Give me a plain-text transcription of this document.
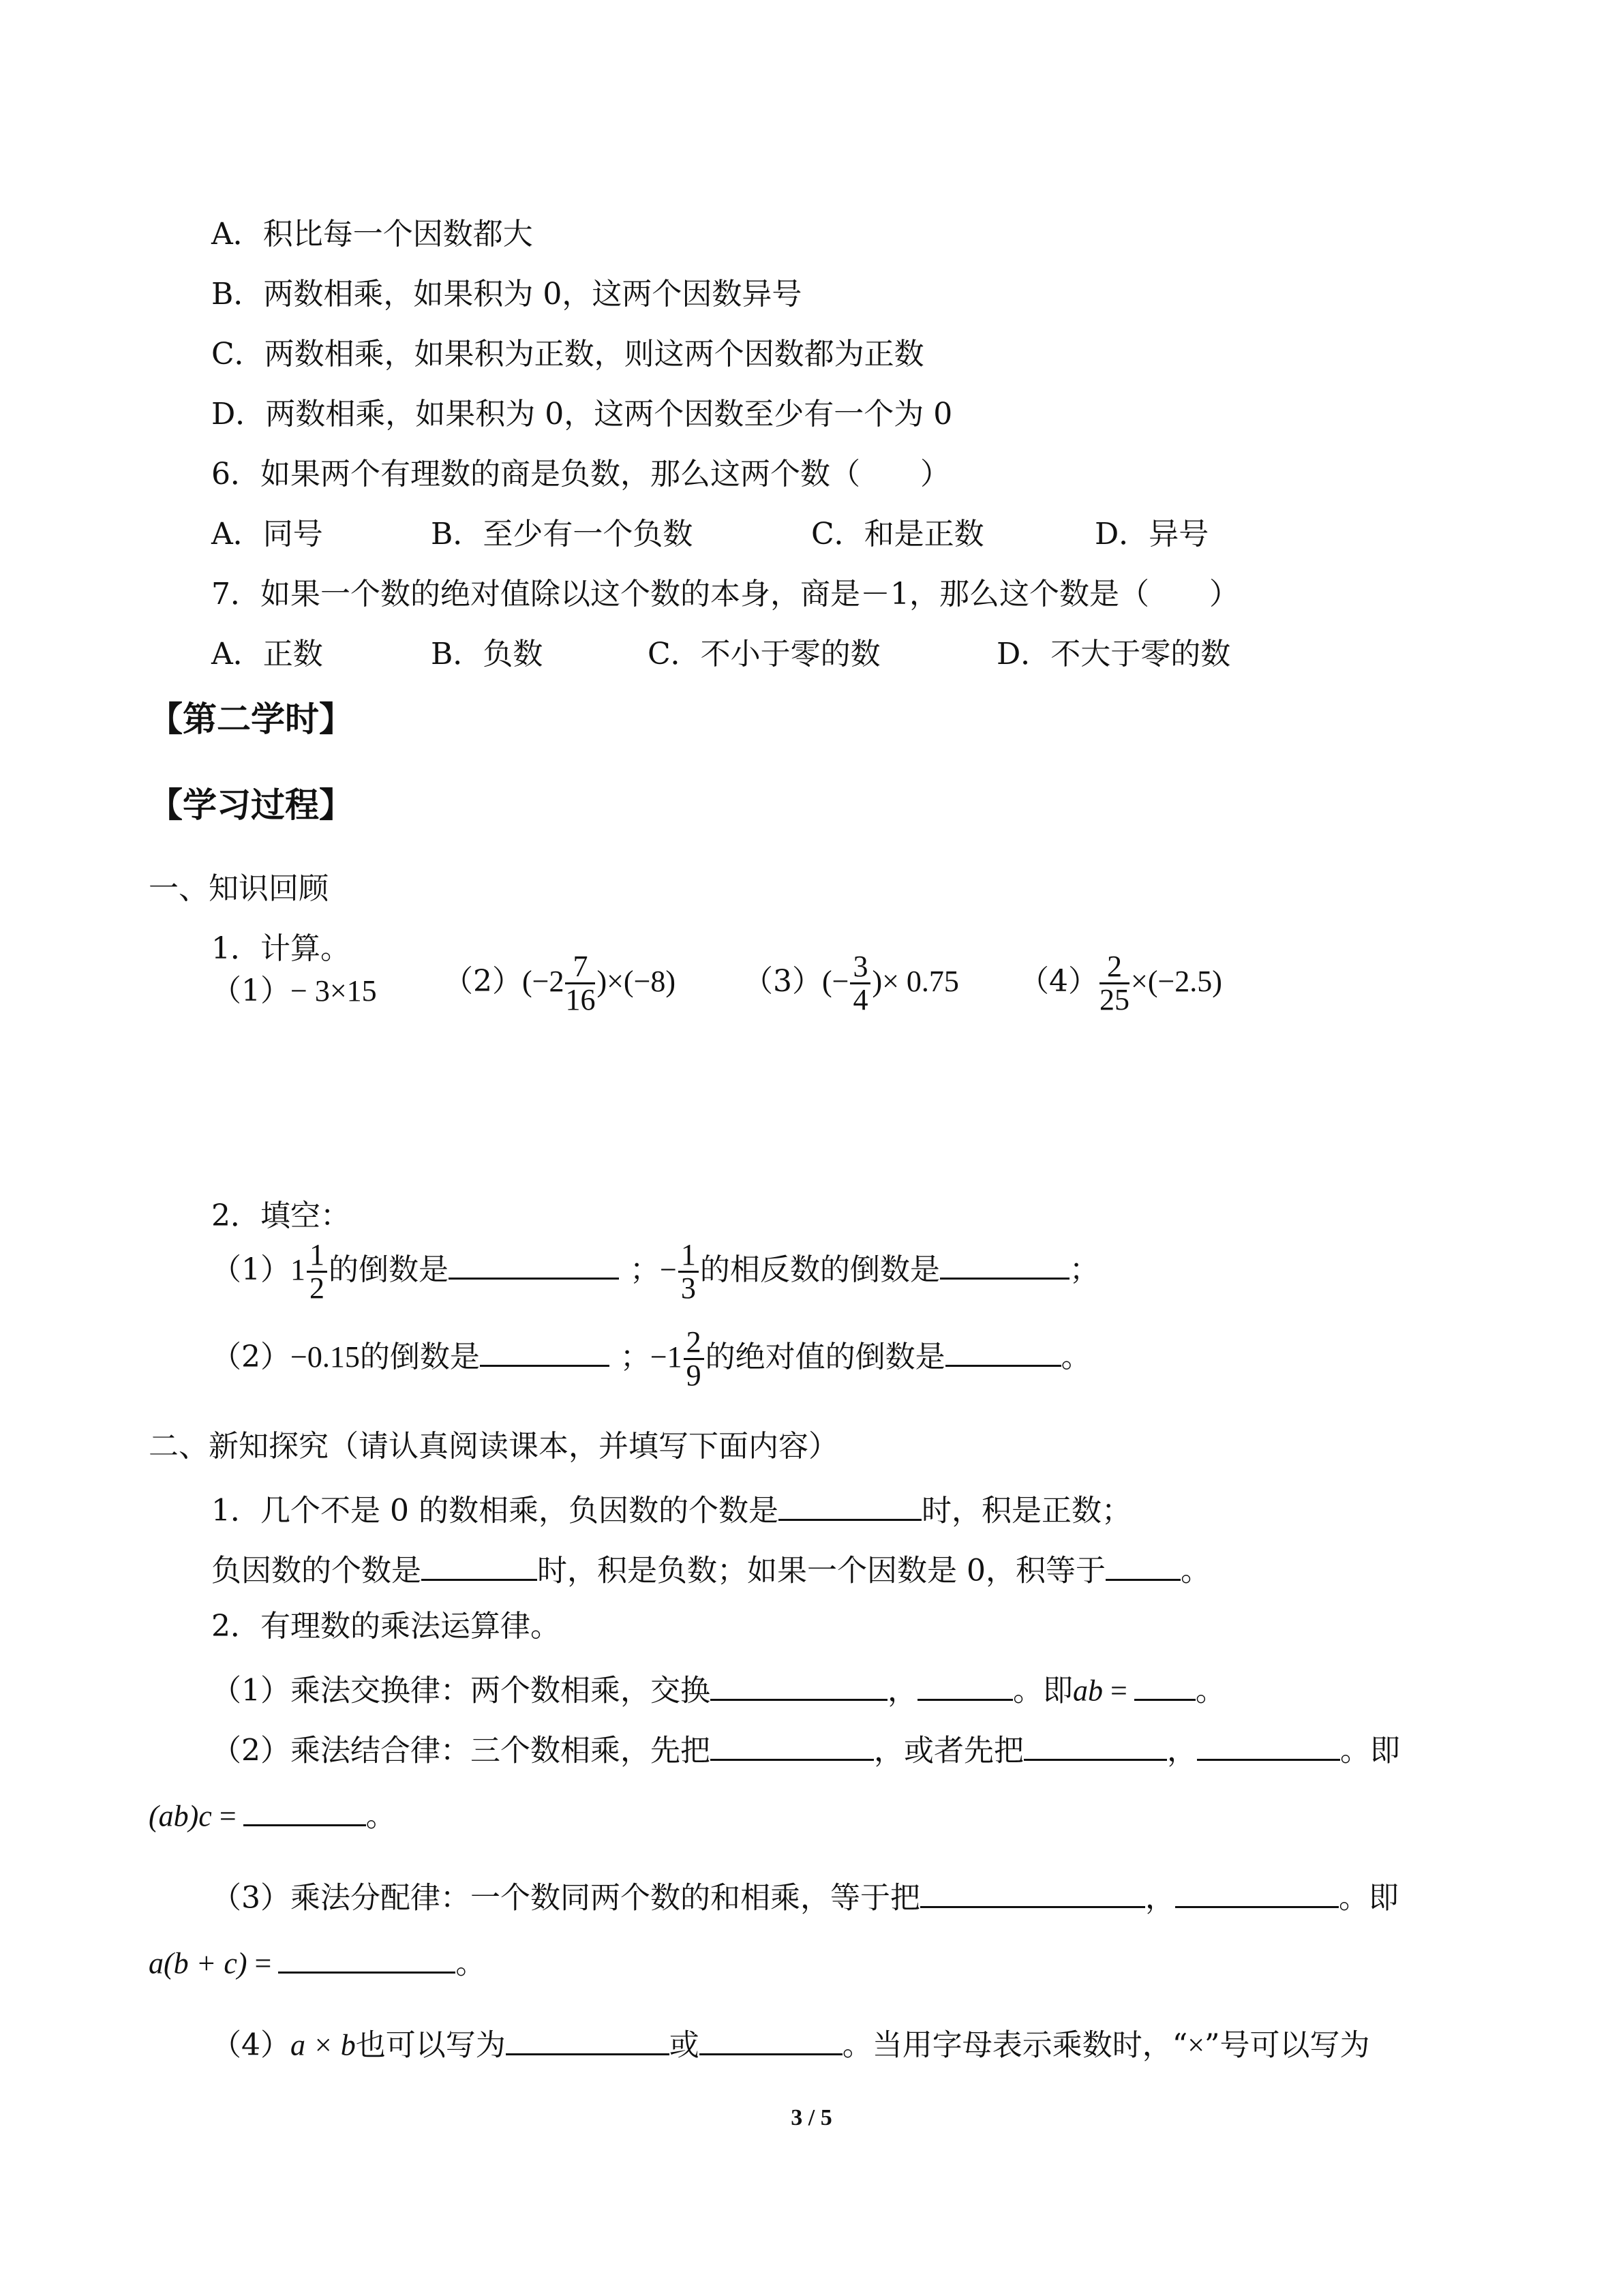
A．积比每一个因数都大
B．两数相乘，如果积为 0，这两个因数异号
C．两数相乘，如果积为正数，则这两个因数都为正数
D．两数相乘，如果积为 0，这两个因数至少有一个为 0
6．如果两个有理数的商是负数，那么这两个数（　　）
A．同号	B．至少有一个负数	C．和是正数	D．异号
7．如果一个数的绝对值除以这个数的本身，商是－1，那么这个数是（　　）
A．正数	B．负数	C．不小于零的数	D．不大于零的数
【第二学时】
【学习过程】
一、知识回顾
1．计算。
（1）− 3×15 $(2)(-2 \frac{7}{16} )\times(-8)$ $(3)(- \frac{3}{4}$ )× 0.75 $(4) \frac{2}{25} \times(-2.5)$
2．填空：
$(1)1 \frac{1}{2}$ 的倒数是	；− $\frac{1}{3}$ 的相反数的倒数是	；
（2）−0.15的倒数是	；$-1 \frac{2}{9}$ 的绝对值的倒数是	。
二、新知探究（请认真阅读课本，并填写下面内容）
1．几个不是 0 的数相乘，负因数的个数是	时，积是正数；
负因数的个数是	时，积是负数；如果一个因数是 0，积等于	。
2．有理数的乘法运算律。
（1）乘法交换律：两个数相乘，交换	，	。即ab = 。
（2）乘法结合律：三个数相乘，先把	，或者先把	，	。即
(ab)c =	。
（3）乘法分配律：一个数同两个数的和相乘，等于把	，	。即
a(b + c) =	。
（4）a × b也可以写为	或	。当用字母表示乘数时，“×”号可以写为
3 / 5
